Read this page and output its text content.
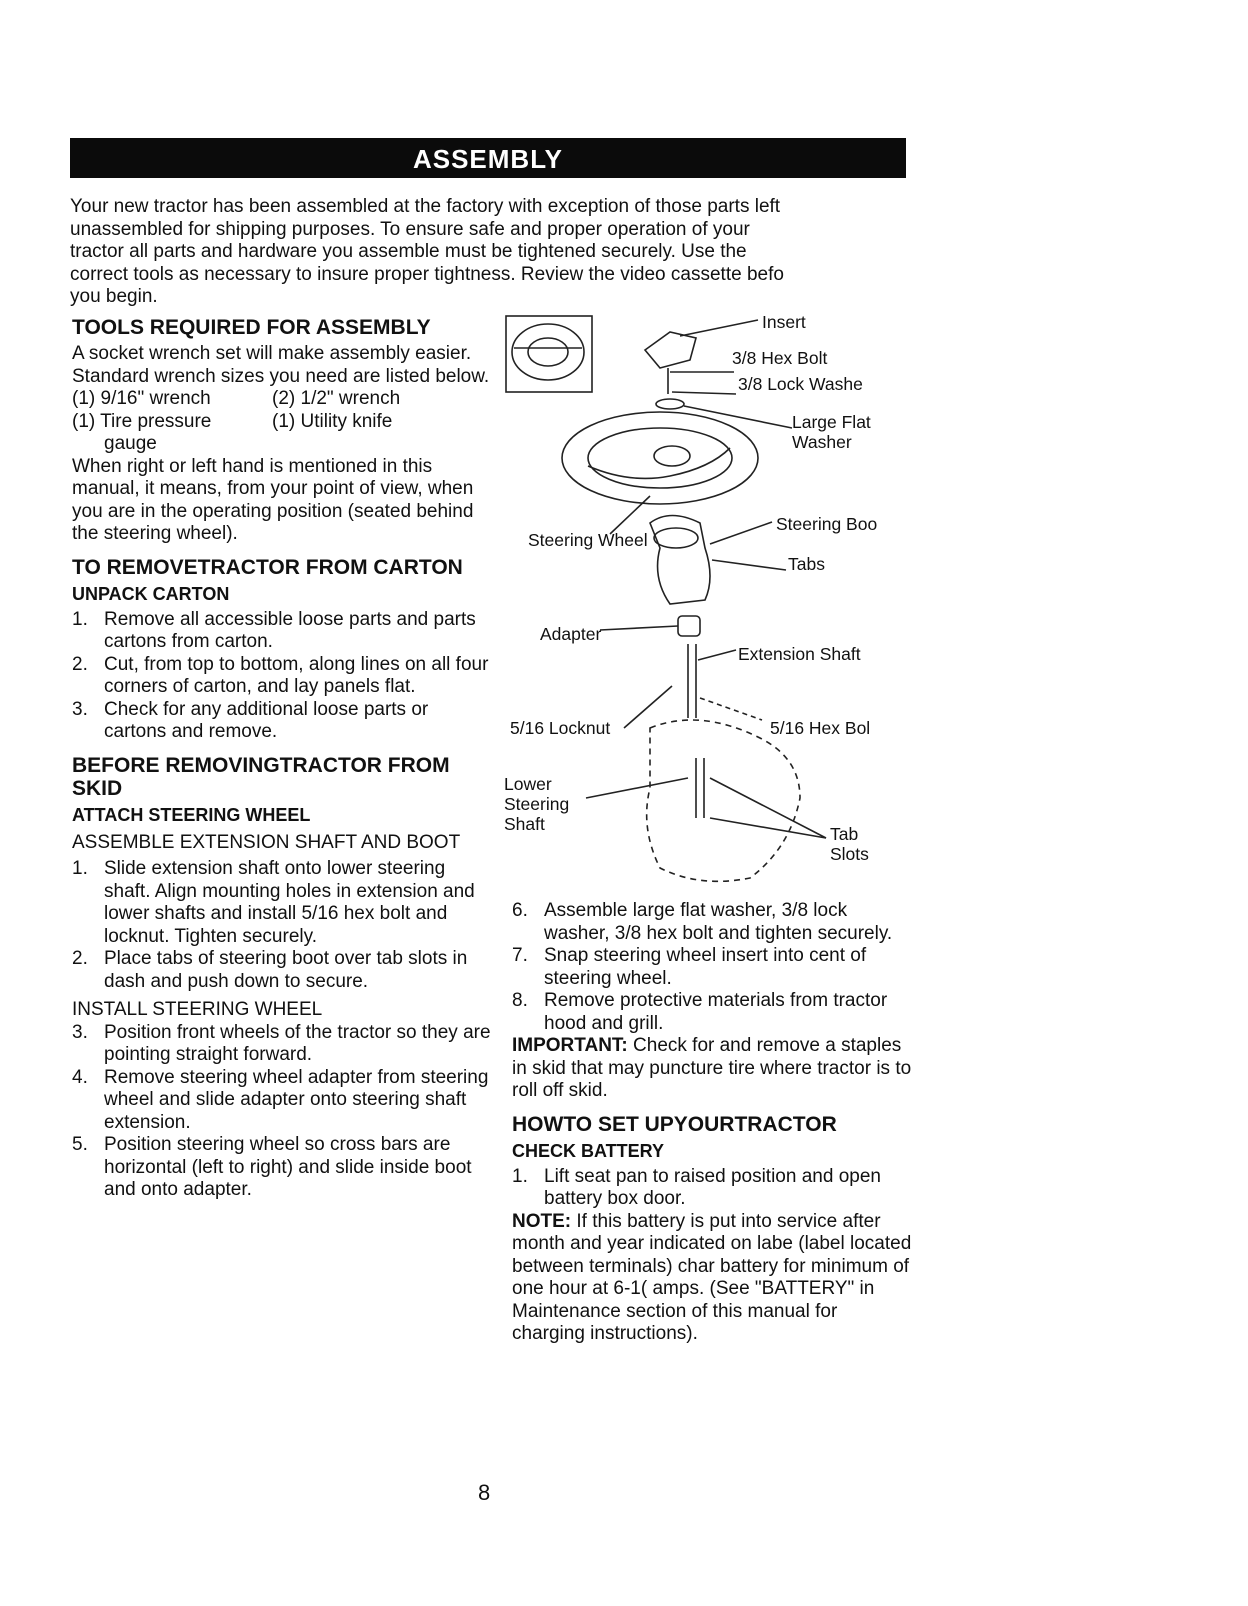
ASSEMBLY
Your new tractor has been assembled at the factory with exception of those parts left
unassembled for shipping purposes. To ensure safe and proper operation of your
tractor all parts and hardware you assemble must be tightened securely. Use the
correct tools as necessary to insure proper tightness. Review the video cassette befo
you begin.
TOOLS REQUIRED FOR ASSEMBLY

A socket wrench set will make assembly easier. Standard wrench sizes you need are listed below.

(1) 9/16" wrench	(2) 1/2" wrench
(1) Tire pressure	(1) Utility knife

gauge

When right or left hand is mentioned in this manual, it means, from your point of view, when you are in the operating position (seated behind the steering wheel).

TO REMOVETRACTOR FROM CARTON
UNPACK CARTON
1. Remove all accessible loose parts and parts cartons from carton.
2. Cut, from top to bottom, along lines on all four corners of carton, and lay panels flat.
3. Check for any additional loose parts or cartons and remove.
BEFORE REMOVINGTRACTOR FROM SKID
ATTACH STEERING WHEEL

ASSEMBLE EXTENSION SHAFT AND BOOT

1. Slide extension shaft onto lower steering shaft. Align mounting holes in extension and lower shafts and install 5/16 hex bolt and locknut. Tighten securely.
2. Place tabs of steering boot over tab slots in dash and push down to secure.

INSTALL STEERING WHEEL

3. Position front wheels of the tractor so they are pointing straight forward.
4. Remove steering wheel adapter from steering wheel and slide adapter onto steering shaft extension.
5. Position steering wheel so cross bars are horizontal (left to right) and slide inside boot and onto adapter.
Insert
3/8 Hex Bolt
3/8 Lock Washe
Large Flat
Washer
Steering Wheel
Steering Boo
Tabs
Adapter
Extension Shaft
5/16 Locknut	5/16 Hex Bol
Lower
Steering
Shaft	Tab
Slots
6. Assemble large flat washer, 3/8 lock washer, 3/8 hex bolt and tighten securely.
7. Snap steering wheel insert into cent of steering wheel.
8. Remove protective materials from tractor hood and grill.

IMPORTANT: Check for and remove a staples in skid that may puncture tire where tractor is to roll off skid.

HOWTO SET UPYOURTRACTOR
CHECK BATTERY
1. Lift seat pan to raised position and open battery box door.

NOTE: If this battery is put into service after month and year indicated on labe (label located between terminals) char battery for minimum of one hour at 6-1( amps. (See "BATTERY" in Maintenance section of this manual for charging instructions).

8
